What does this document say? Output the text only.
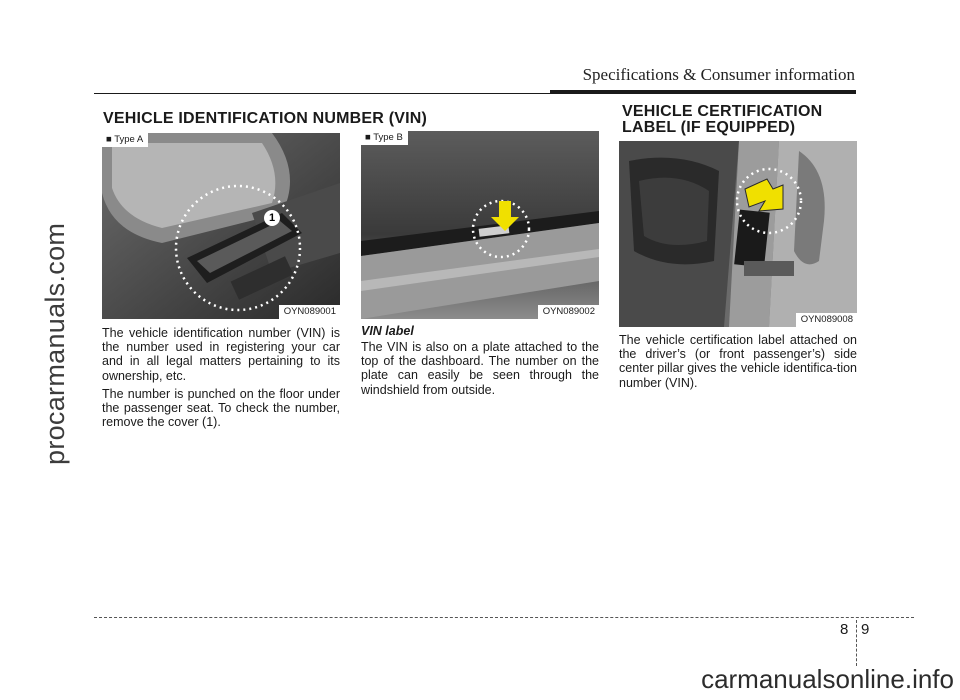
Specifications & Consumer information
procarmanuals.com
VEHICLE IDENTIFICATION NUMBER (VIN)
■ Type A
1
OYN089001
■ Type B
OYN089002
VEHICLE CERTIFICATION
LABEL (IF EQUIPPED)
OYN089008

The vehicle identification number (VIN) is the number used in registering your car and in all legal matters pertaining to its ownership, etc.

The number is punched on the floor under the passenger seat. To check the number, remove the cover (1).

VIN label

The VIN is also on a plate attached to the top of the dashboard. The number on the plate can easily be seen through the windshield from outside.

The vehicle certification label attached on the driver’s (or front passenger’s) side center pillar gives the vehicle identifica-tion number (VIN).

8 9
carmanualsonline.info
